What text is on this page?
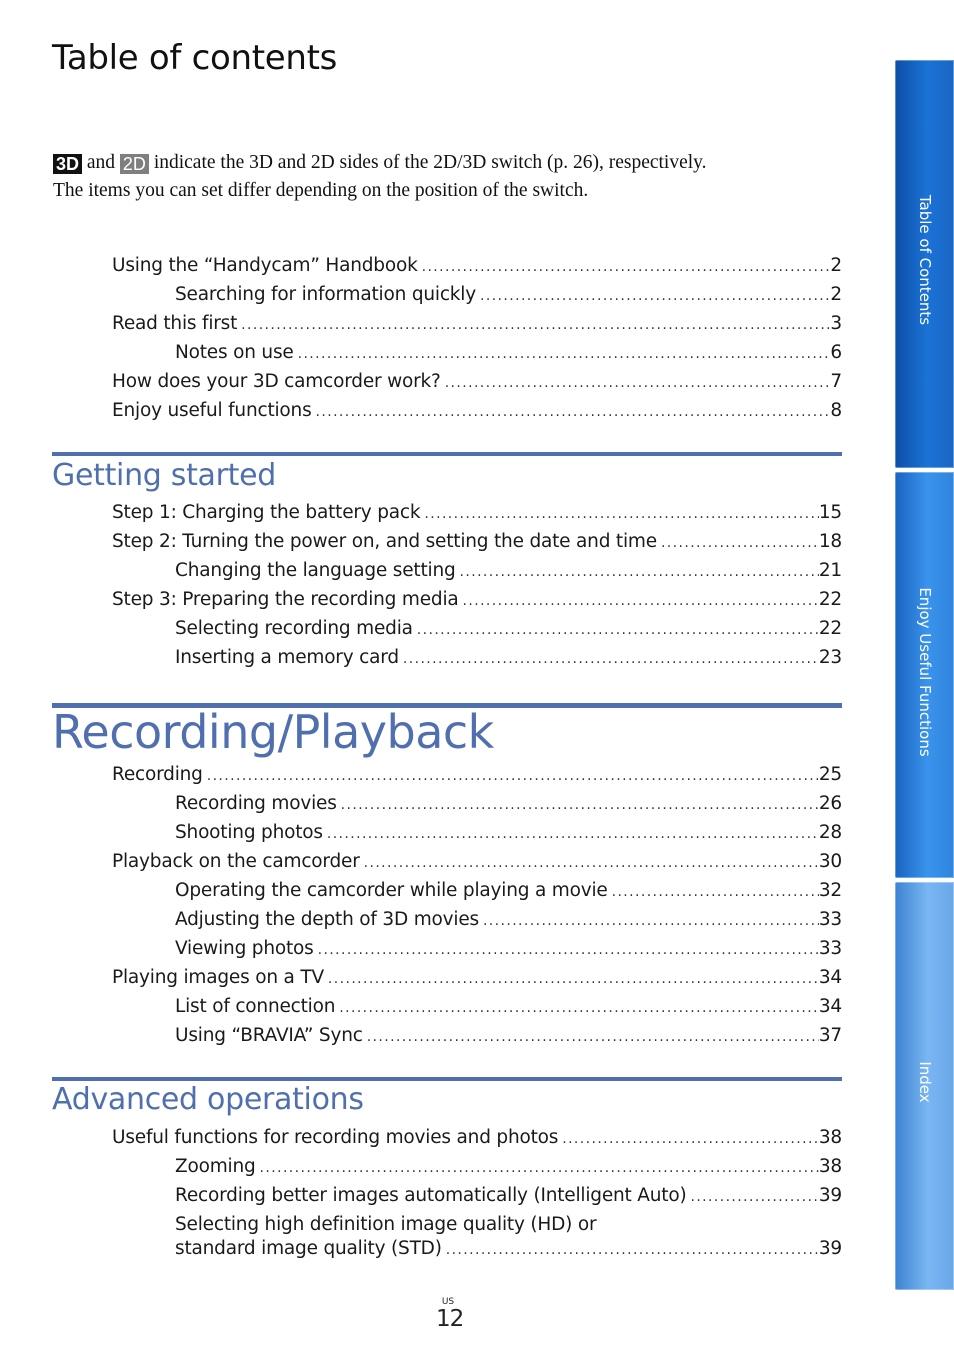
Table of contents

3D and 2D indicate the 3D and 2D sides of the 2D/3D switch (p. 26), respectively.

The items you can set differ depending on the position of the switch.

Using the “Handycam” Handbook .....	2
Searching for information quickly .....	2
Read this first .....	3
Notes on use .....	6
How does your 3D camcorder work? .....	7
Enjoy useful functions .....	8
Getting started
Step 1: Charging the battery pack .....	15
Step 2: Turning the power on, and setting the date and time .....	18
Changing the language setting .....	21
Step 3: Preparing the recording media .....	22
Selecting recording media .....	22
Inserting a memory card .....	23
Recording/Playback
Recording .....	25
Recording movies .....	26
Shooting photos .....	28
Playback on the camcorder .....	30
Operating the camcorder while playing a movie .....	32
Adjusting the depth of 3D movies .....	33
Viewing photos .....	33
Playing images on a TV .....	34
List of connection .....	34
Using “BRAVIA” Sync .....	37
Advanced operations
Useful functions for recording movies and photos .....	38
Zooming .....	38
Recording better images automatically (Intelligent Auto) .....	39
Selecting high definition image quality (HD) or
standard image quality (STD) .....	39
Table of Contents
Enjoy Useful Functions
Index
US
12
